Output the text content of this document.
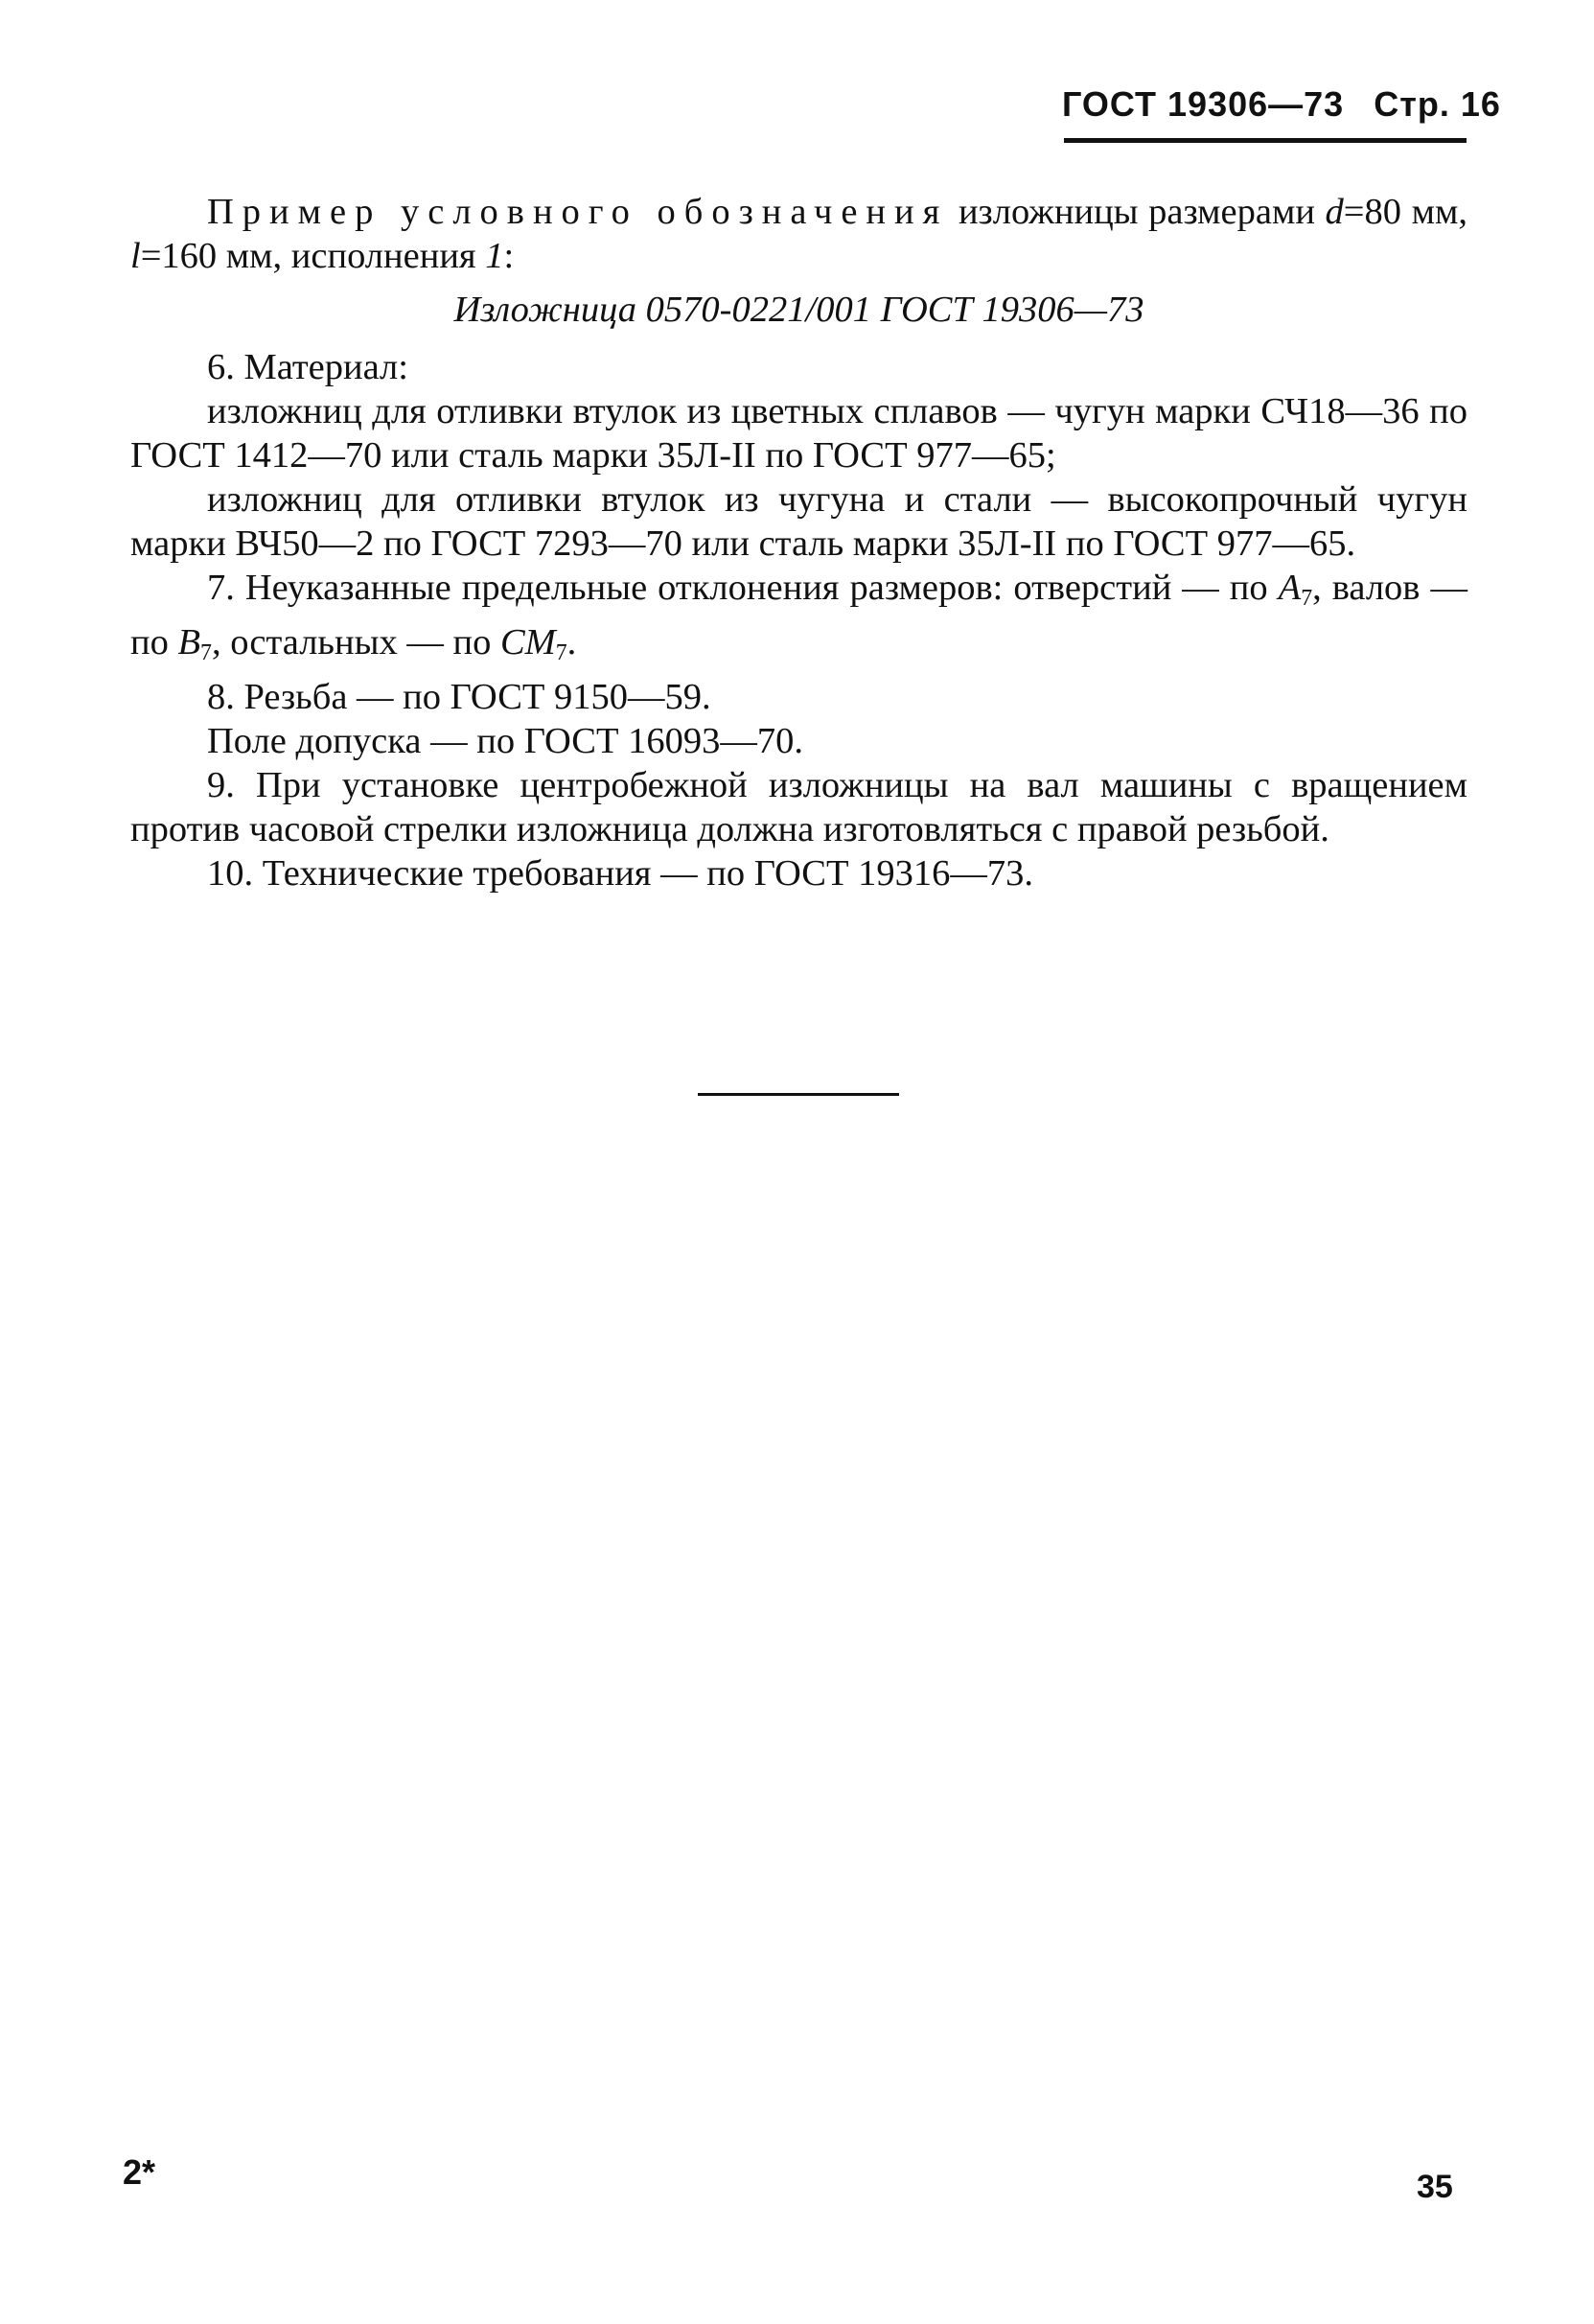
ГОСТ 19306—73 Стр. 16

Пример условного обозначения изложницы размерами d=80 мм, l=160 мм, исполнения 1:

Изложница 0570-0221/001 ГОСТ 19306—73

6. Материал:

изложниц для отливки втулок из цветных сплавов — чугун марки СЧ18—36 по ГОСТ 1412—70 или сталь марки 35Л-II по ГОСТ 977—65;

изложниц для отливки втулок из чугуна и стали — высокопрочный чугун марки ВЧ50—2 по ГОСТ 7293—70 или сталь марки 35Л-II по ГОСТ 977—65.

7. Неуказанные предельные отклонения размеров: отверстий — по $A_7$, валов — по $B_7$, остальных — по $CM_7$.

8. Резьба — по ГОСТ 9150—59.

Поле допуска — по ГОСТ 16093—70.

9. При установке центробежной изложницы на вал машины с вращением против часовой стрелки изложница должна изготовляться с правой резьбой.

10. Технические требования — по ГОСТ 19316—73.

2*	35
